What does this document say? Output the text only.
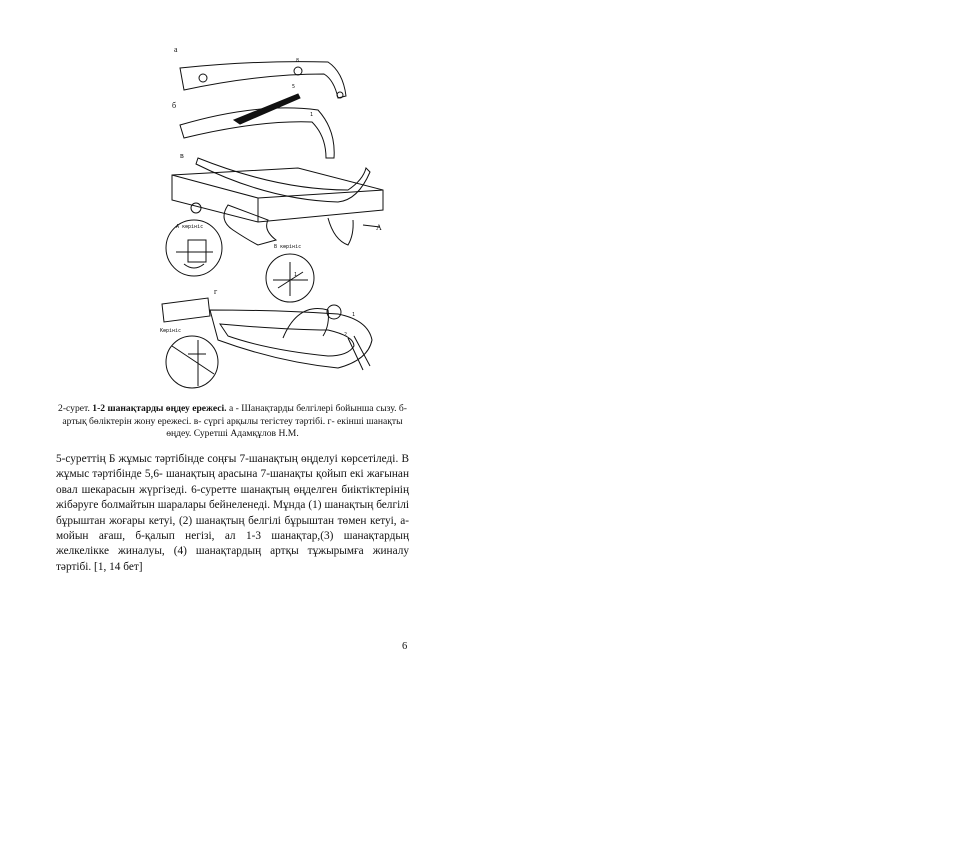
а
б
в
г
А көрініс
В көрініс
Көрініс
А
8
5
1
2
1
1
2-сурет. 1-2 шанақтарды өңдеу ережесі. а - Шанақтарды белгілері бойынша сызу. б- артық бөліктерін жону ережесі. в- сүргі арқылы тегістеу тәртібі. г- екінші шанақты өңдеу. Суретші Адамқұлов Н.М.
5-суреттің Б жұмыс тәртібінде соңғы 7-шанақтың өңделуі көрсетіледі. В жұмыс тәртібінде 5,6- шанақтың арасына 7-шанақты қойып екі жағынан овал шекарасын жүргізеді. 6-суретте шанақтың өңделген биіктіктерінің жібəруге болмайтын шаралары бейнеленеді. Мұнда (1) шанақтың белгілі бұрыштан жоғары кетуі, (2) шанақтың белгілі бұрыштан төмен кетуі, а-мойын ағаш, б-қалып негізі, ал 1-3 шанақтар,(3) шанақтардың желкелікке жиналуы, (4) шанақтардың артқы тұжырымға жиналу тәртібі. [1, 14 бет]
6
